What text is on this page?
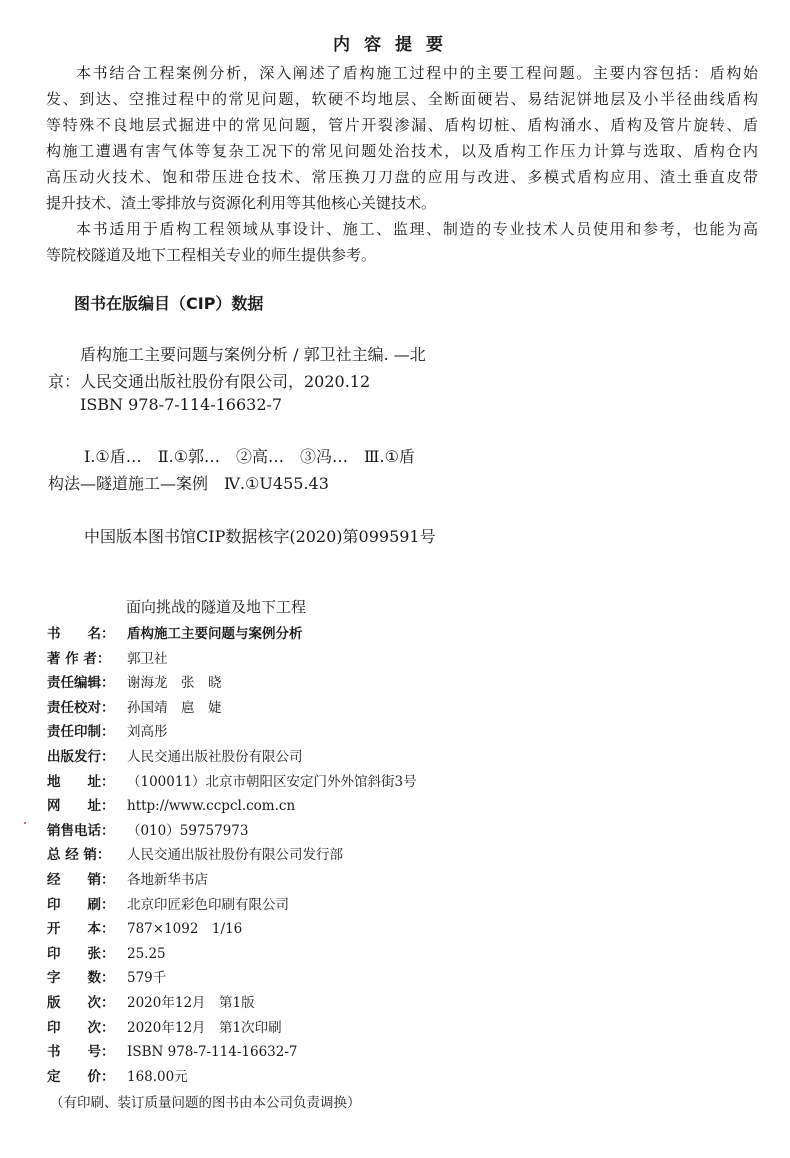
内容提要
本书结合工程案例分析，深入阐述了盾构施工过程中的主要工程问题。主要内容包括：盾构始
发、到达、空推过程中的常见问题，软硬不均地层、全断面硬岩、易结泥饼地层及小半径曲线盾构
等特殊不良地层式掘进中的常见问题，管片开裂渗漏、盾构切桩、盾构涌水、盾构及管片旋转、盾
构施工遭遇有害气体等复杂工况下的常见问题处治技术，以及盾构工作压力计算与选取、盾构仓内
高压动火技术、饱和带压进仓技术、常压换刀刀盘的应用与改进、多模式盾构应用、渣土垂直皮带
提升技术、渣土零排放与资源化利用等其他核心关键技术。
本书适用于盾构工程领域从事设计、施工、监理、制造的专业技术人员使用和参考，也能为高
等院校隧道及地下工程相关专业的师生提供参考。
图书在版编目（CIP）数据
盾构施工主要问题与案例分析 / 郭卫社主编. —北
京：人民交通出版社股份有限公司，2020.12
ISBN 978-7-114-16632-7
Ⅰ.①盾…　Ⅱ.①郭…　②高…　③冯…　Ⅲ.①盾
构法—隧道施工—案例　Ⅳ.①U455.43
中国版本图书馆CIP数据核字(2020)第099591号
面向挑战的隧道及地下工程
书　　名： 盾构施工主要问题与案例分析
著 作 者： 郭卫社
责任编辑： 谢海龙　张　晓
责任校对： 孙国靖　扈　婕
责任印制： 刘高彤
出版发行： 人民交通出版社股份有限公司
地　　址： （100011）北京市朝阳区安定门外外馆斜街3号
网　　址： http://www.ccpcl.com.cn
销售电话： （010）59757973
总 经 销： 人民交通出版社股份有限公司发行部
经　　销： 各地新华书店
印　　刷： 北京印匠彩色印刷有限公司
开　　本： 787×1092　1/16
印　　张： 25.25
字　　数： 579千
版　　次： 2020年12月　第1版
印　　次： 2020年12月　第1次印刷
书　　号： ISBN 978-7-114-16632-7
定　　价： 168.00元
（有印刷、装订质量问题的图书由本公司负责调换）
